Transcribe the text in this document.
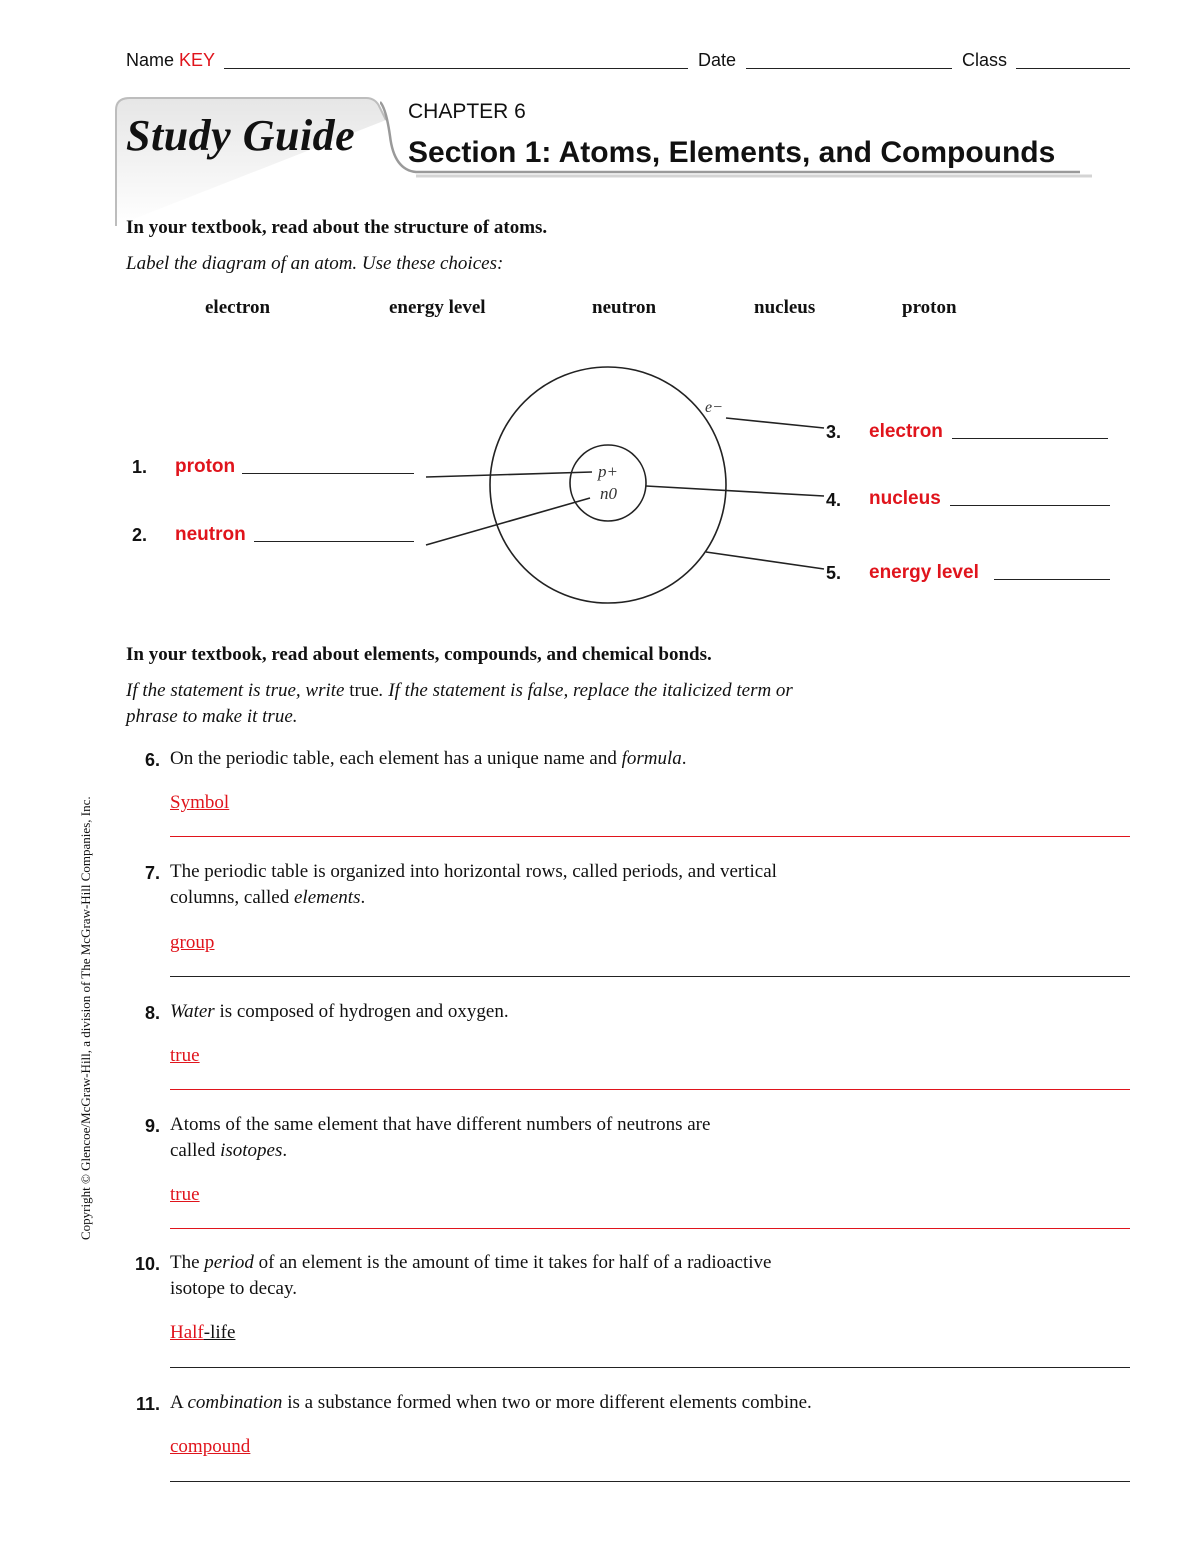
Name KEY	Date	Class
Study Guide	CHAPTER 6
Section 1: Atoms, Elements, and Compounds
In your textbook, read about the structure of atoms.
Label the diagram of an atom. Use these choices:
electron	energy level	neutron	nucleus	proton
e−
p+
n0
1. proton
2. neutron
3. electron
4. nucleus
5. energy level
In your textbook, read about elements, compounds, and chemical bonds.
If the statement is true, write true. If the statement is false, replace the italicized term or
phrase to make it true.
6. On the periodic table, each element has a unique name and formula.
Symbol
7. The periodic table is organized into horizontal rows, called periods, and vertical
columns, called elements.
group
8. Water is composed of hydrogen and oxygen.
true
9. Atoms of the same element that have different numbers of neutrons are
called isotopes.
true
10. The period of an element is the amount of time it takes for half of a radioactive
isotope to decay.
Half-life
11. A combination is a substance formed when two or more different elements combine.
compound
Copyright © Glencoe/McGraw-Hill, a division of The McGraw-Hill Companies, Inc.
